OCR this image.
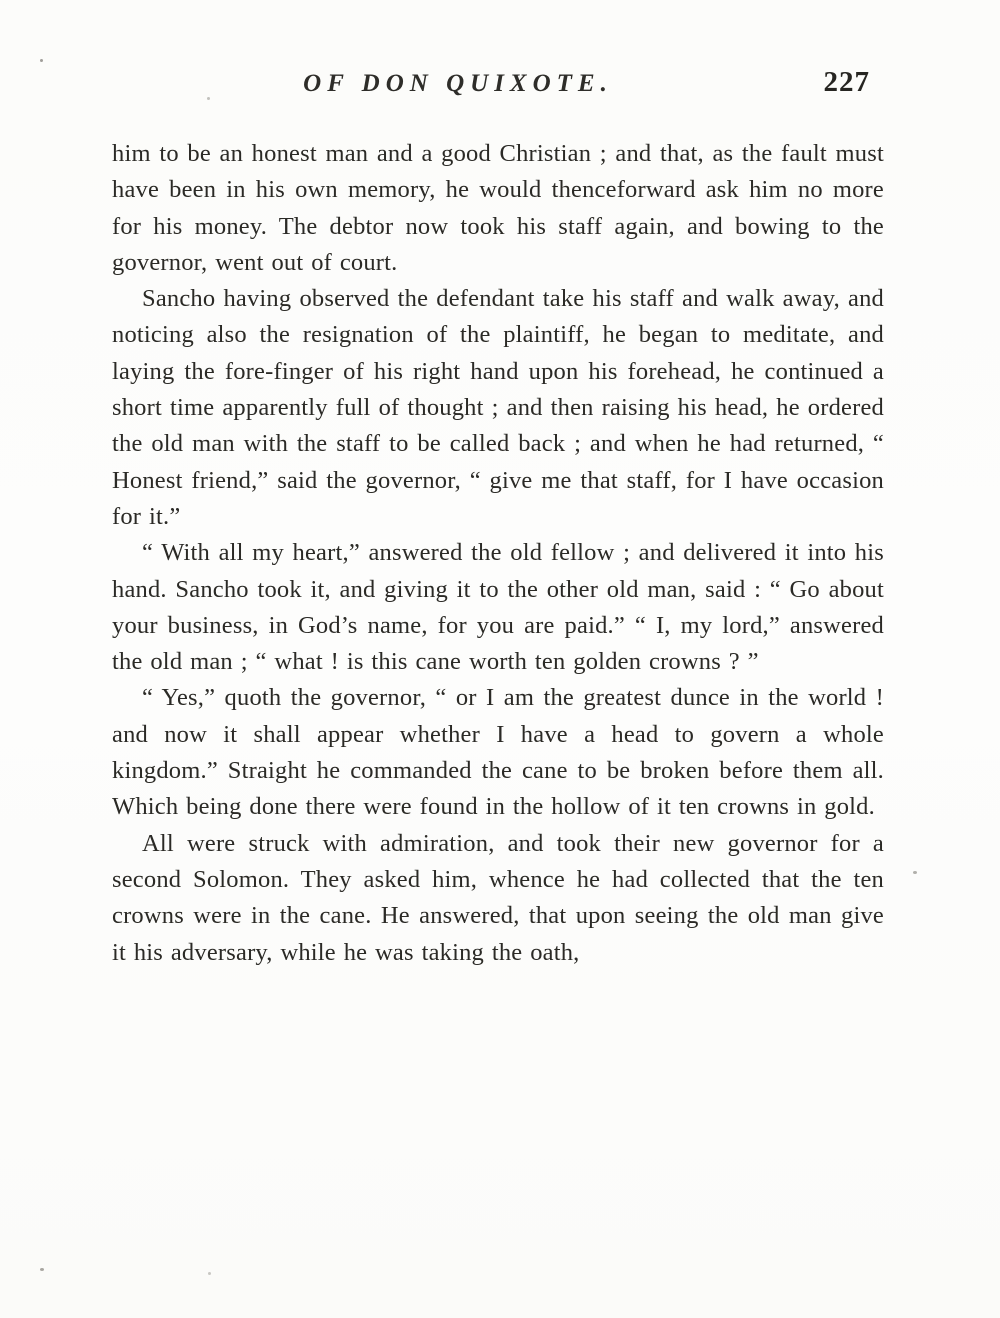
OF DON QUIXOTE.	227

him to be an honest man and a good Christian ; and that, as the fault must have been in his own memory, he would thenceforward ask him no more for his money. The debtor now took his staff again, and bowing to the governor, went out of court.

Sancho having observed the defendant take his staff and walk away, and noticing also the resignation of the plaintiff, he began to meditate, and laying the fore-finger of his right hand upon his forehead, he continued a short time apparently full of thought ; and then raising his head, he ordered the old man with the staff to be called back ; and when he had returned, “ Honest friend,” said the governor, “ give me that staff, for I have occasion for it.”

“ With all my heart,” answered the old fellow ; and delivered it into his hand. Sancho took it, and giving it to the other old man, said : “ Go about your business, in God’s name, for you are paid.” “ I, my lord,” answered the old man ; “ what ! is this cane worth ten golden crowns ? ”

“ Yes,” quoth the governor, “ or I am the greatest dunce in the world ! and now it shall appear whether I have a head to govern a whole kingdom.” Straight he commanded the cane to be broken before them all. Which being done there were found in the hollow of it ten crowns in gold.

All were struck with admiration, and took their new governor for a second Solomon. They asked him, whence he had collected that the ten crowns were in the cane. He answered, that upon seeing the old man give it his adversary, while he was taking the oath,
